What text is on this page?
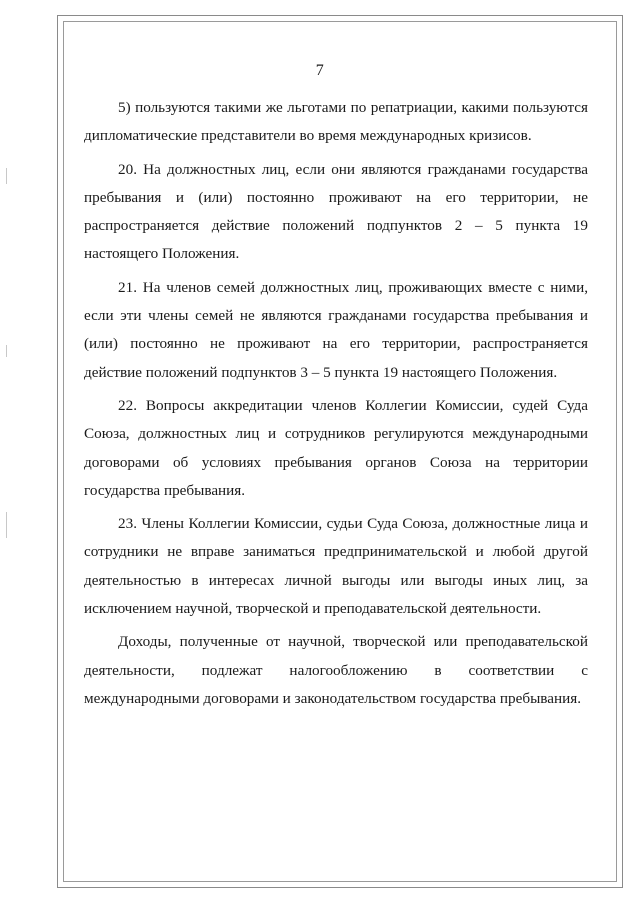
7

5) пользуются такими же льготами по репатриации, какими пользуются дипломатические представители во время международных кризисов.

20. На должностных лиц, если они являются гражданами государства пребывания и (или) постоянно проживают на его территории, не распространяется действие положений подпунктов 2 – 5 пункта 19 настоящего Положения.

21. На членов семей должностных лиц, проживающих вместе с ними, если эти члены семей не являются гражданами государства пребывания и (или) постоянно не проживают на его территории, распространяется действие положений подпунктов 3 – 5 пункта 19 настоящего Положения.

22. Вопросы аккредитации членов Коллегии Комиссии, судей Суда Союза, должностных лиц и сотрудников регулируются международными договорами об условиях пребывания органов Союза на территории государства пребывания.

23. Члены Коллегии Комиссии, судьи Суда Союза, должностные лица и сотрудники не вправе заниматься предпринимательской и любой другой деятельностью в интересах личной выгоды или выгоды иных лиц, за исключением научной, творческой и преподавательской деятельности.

Доходы, полученные от научной, творческой или преподавательской деятельности, подлежат налогообложению в соответствии с международными договорами и законодательством государства пребывания.
